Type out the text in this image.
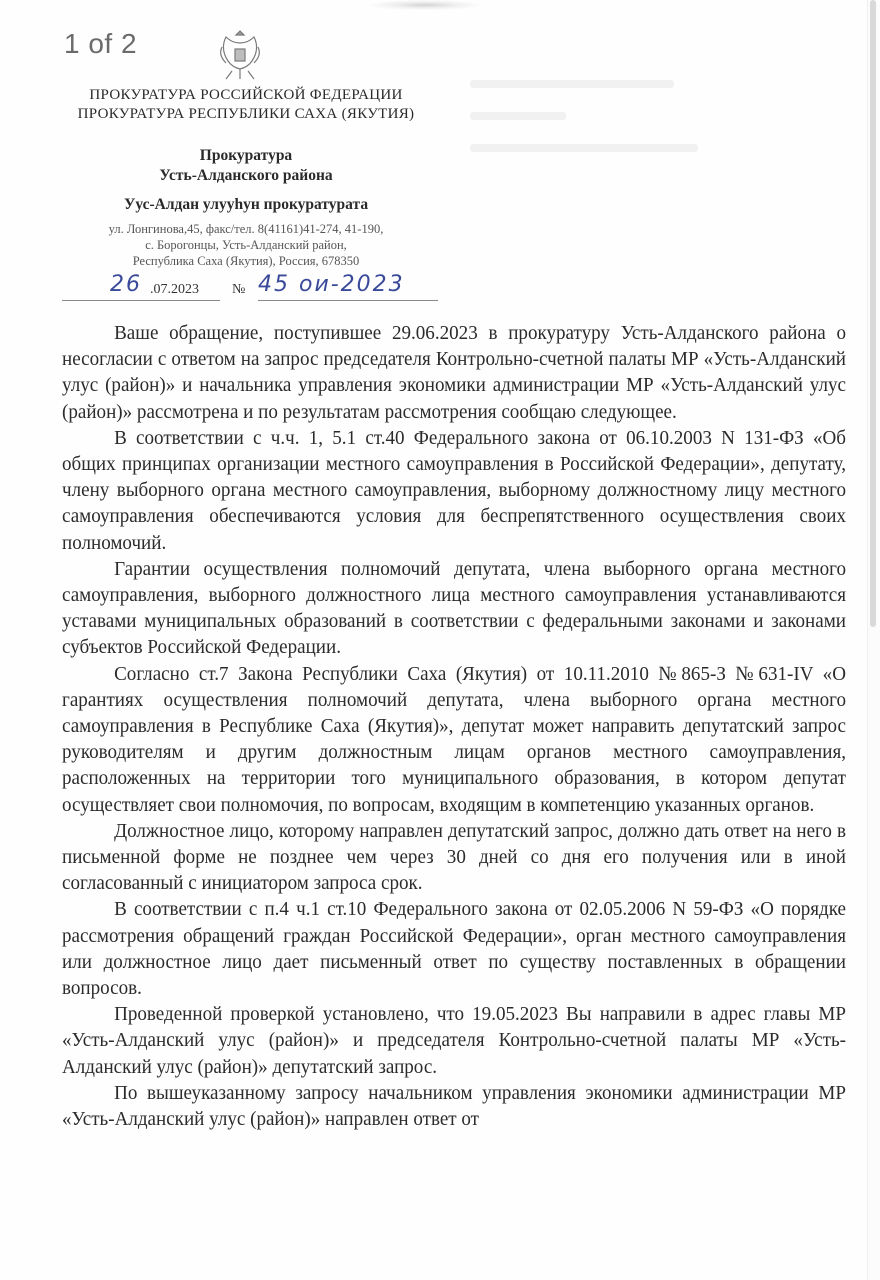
1 of 2
ПРОКУРАТУРА РОССИЙСКОЙ ФЕДЕРАЦИИ
ПРОКУРАТУРА РЕСПУБЛИКИ САХА (ЯКУТИЯ)
Прокуратура
Усть-Алданского района
Уус-Алдан улууһун прокуратурата
ул. Лонгинова,45, факс/тел. 8(41161)41-274, 41-190,
с. Борогонцы, Усть-Алданский район,
Республика Саха (Якутия), Россия, 678350
26 .07.2023 № 45 ои-2023

Ваше обращение, поступившее 29.06.2023 в прокуратуру Усть-Алданского района о несогласии с ответом на запрос председателя Контрольно-счетной палаты МР «Усть-Алданский улус (район)» и начальника управления экономики администрации МР «Усть-Алданский улус (район)» рассмотрена и по результатам рассмотрения сообщаю следующее.

В соответствии с ч.ч. 1, 5.1 ст.40 Федерального закона от 06.10.2003 N 131-ФЗ «Об общих принципах организации местного самоуправления в Российской Федерации», депутату, члену выборного органа местного самоуправления, выборному должностному лицу местного самоуправления обеспечиваются условия для беспрепятственного осуществления своих полномочий.

Гарантии осуществления полномочий депутата, члена выборного органа местного самоуправления, выборного должностного лица местного самоуправления устанавливаются уставами муниципальных образований в соответствии с федеральными законами и законами субъектов Российской Федерации.

Согласно ст.7 Закона Республики Саха (Якутия) от 10.11.2010 №865-З №631-IV «О гарантиях осуществления полномочий депутата, члена выборного органа местного самоуправления в Республике Саха (Якутия)», депутат может направить депутатский запрос руководителям и другим должностным лицам органов местного самоуправления, расположенных на территории того муниципального образования, в котором депутат осуществляет свои полномочия, по вопросам, входящим в компетенцию указанных органов.

Должностное лицо, которому направлен депутатский запрос, должно дать ответ на него в письменной форме не позднее чем через 30 дней со дня его получения или в иной согласованный с инициатором запроса срок.

В соответствии с п.4 ч.1 ст.10 Федерального закона от 02.05.2006 N 59-ФЗ «О порядке рассмотрения обращений граждан Российской Федерации», орган местного самоуправления или должностное лицо дает письменный ответ по существу поставленных в обращении вопросов.

Проведенной проверкой установлено, что 19.05.2023 Вы направили в адрес главы МР «Усть-Алданский улус (район)» и председателя Контрольно-счетной палаты МР «Усть-Алданский улус (район)» депутатский запрос.

По вышеуказанному запросу начальником управления экономики администрации МР «Усть-Алданский улус (район)» направлен ответ от
